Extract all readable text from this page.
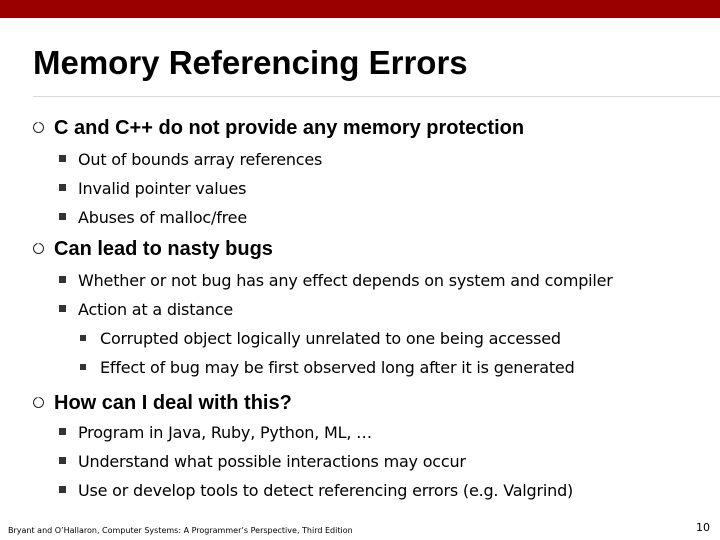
Memory Referencing Errors
C and C++ do not provide any memory protection
Out of bounds array references
Invalid pointer values
Abuses of malloc/free
Can lead to nasty bugs
Whether or not bug has any effect depends on system and compiler
Action at a distance
Corrupted object logically unrelated to one being accessed
Effect of bug may be first observed long after it is generated
How can I deal with this?
Program in Java, Ruby, Python, ML, …
Understand what possible interactions may occur
Use or develop tools to detect referencing errors (e.g. Valgrind)
Bryant and O’Hallaron, Computer Systems: A Programmer’s Perspective, Third Edition	10
